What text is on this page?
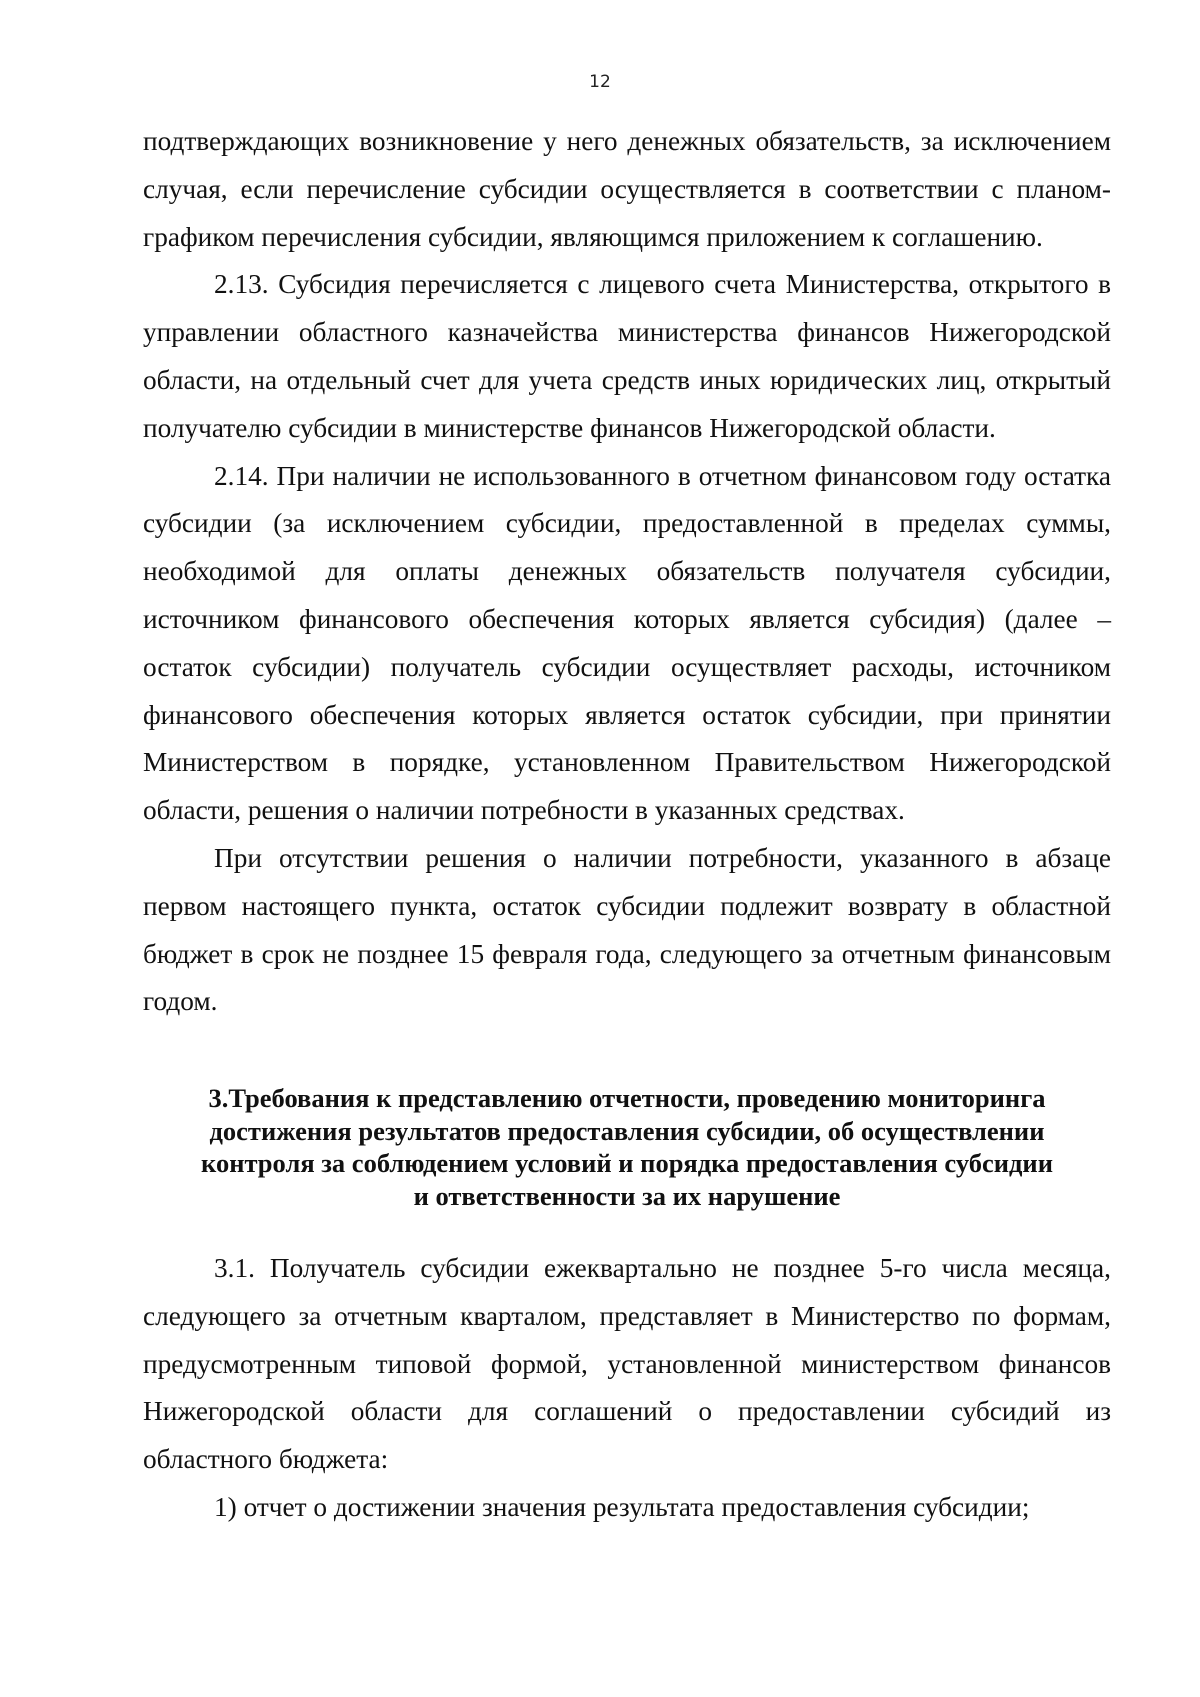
12

подтверждающих возникновение у него денежных обязательств, за исключением случая, если перечисление субсидии осуществляется в соответствии с планом-графиком перечисления субсидии, являющимся приложением к соглашению.

2.13. Субсидия перечисляется с лицевого счета Министерства, открытого в управлении областного казначейства министерства финансов Нижегородской области, на отдельный счет для учета средств иных юридических лиц, открытый получателю субсидии в министерстве финансов Нижегородской области.

2.14. При наличии не использованного в отчетном финансовом году остатка субсидии (за исключением субсидии, предоставленной в пределах суммы, необходимой для оплаты денежных обязательств получателя субсидии, источником финансового обеспечения которых является субсидия) (далее – остаток субсидии) получатель субсидии осуществляет расходы, источником финансового обеспечения которых является остаток субсидии, при принятии Министерством в порядке, установленном Правительством Нижегородской области, решения о наличии потребности в указанных средствах.

При отсутствии решения о наличии потребности, указанного в абзаце первом настоящего пункта, остаток субсидии подлежит возврату в областной бюджет в срок не позднее 15 февраля года, следующего за отчетным финансовым годом.

3.Требования к представлению отчетности, проведению мониторинга
достижения результатов предоставления субсидии, об осуществлении
контроля за соблюдением условий и порядка предоставления субсидии
и ответственности за их нарушение

3.1. Получатель субсидии ежеквартально не позднее 5-го числа месяца, следующего за отчетным кварталом, представляет в Министерство по формам, предусмотренным типовой формой, установленной министерством финансов Нижегородской области для соглашений о предоставлении субсидий из областного бюджета:

1) отчет о достижении значения результата предоставления субсидии;
